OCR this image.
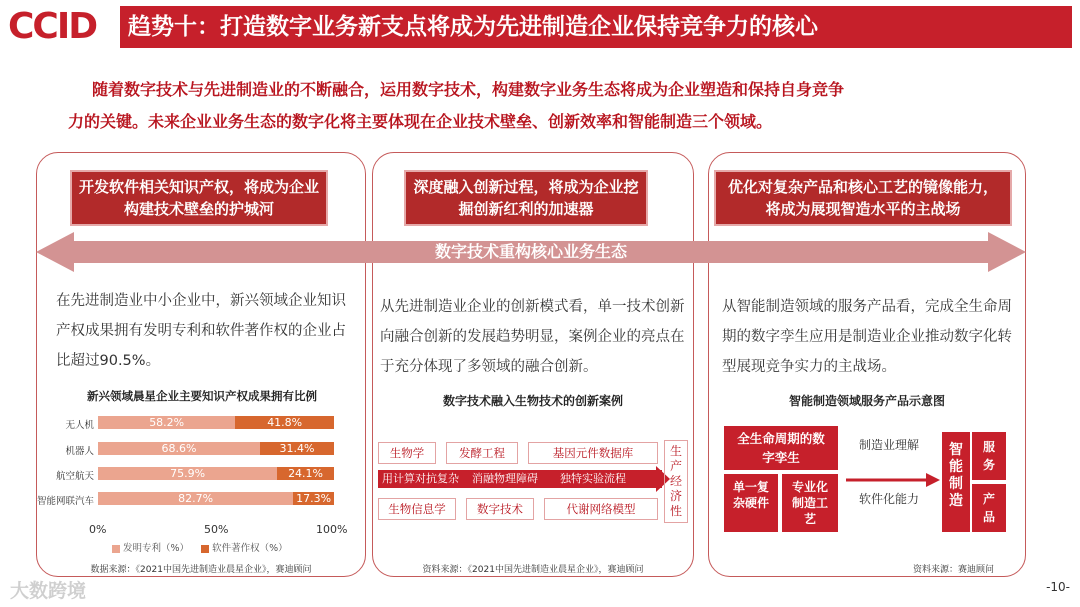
CCID	趋势十：打造数字业务新支点将成为先进制造企业保持竞争力的核心

随着数字技术与先进制造业的不断融合，运用数字技术，构建数字业务生态将成为企业塑造和保持自身竞争

力的关键。未来企业业务生态的数字化将主要体现在企业技术壁垒、创新效率和智能制造三个领域。

开发软件相关知识产权，将成为企业构建技术壁垒的护城河
深度融入创新过程，将成为企业挖掘创新红利的加速器
优化对复杂产品和核心工艺的镜像能力，将成为展现智造水平的主战场
数字技术重构核心业务生态
在先进制造业中小企业中，新兴领域企业知识产权成果拥有发明专利和软件著作权的企业占比超过90.5%。
从先进制造业企业的创新模式看，单一技术创新向融合创新的发展趋势明显，案例企业的亮点在于充分体现了多领域的融合创新。
从智能制造领域的服务产品看，完成全生命周期的数字孪生应用是制造业企业推动数字化转型展现竞争实力的主战场。
新兴领域晨星企业主要知识产权成果拥有比例
无人机	58.2%	41.8%
机器人	68.6%	31.4%
航空航天	75.9%	24.1%
智能网联汽车	82.7%	17.3%
0%	50%	100%
发明专利（%） 软件著作权（%）
数据来源：《2021中国先进制造业晨星企业》，赛迪顾问
数字技术融入生物技术的创新案例
生物学	发酵工程	基因元件数据库
用计算对抗复杂 消融物理障碍 独特实验流程
生物信息学	数字技术	代谢网络模型
生产经济性
资料来源：《2021中国先进制造业晨星企业》，赛迪顾问
智能制造领域服务产品示意图
全生命周期的数字孪生
单一复杂硬件
专业化制造工艺
制造业理解
软件化能力
智能制造
服务
产品
资料来源：赛迪顾问
-10-
大数跨境
